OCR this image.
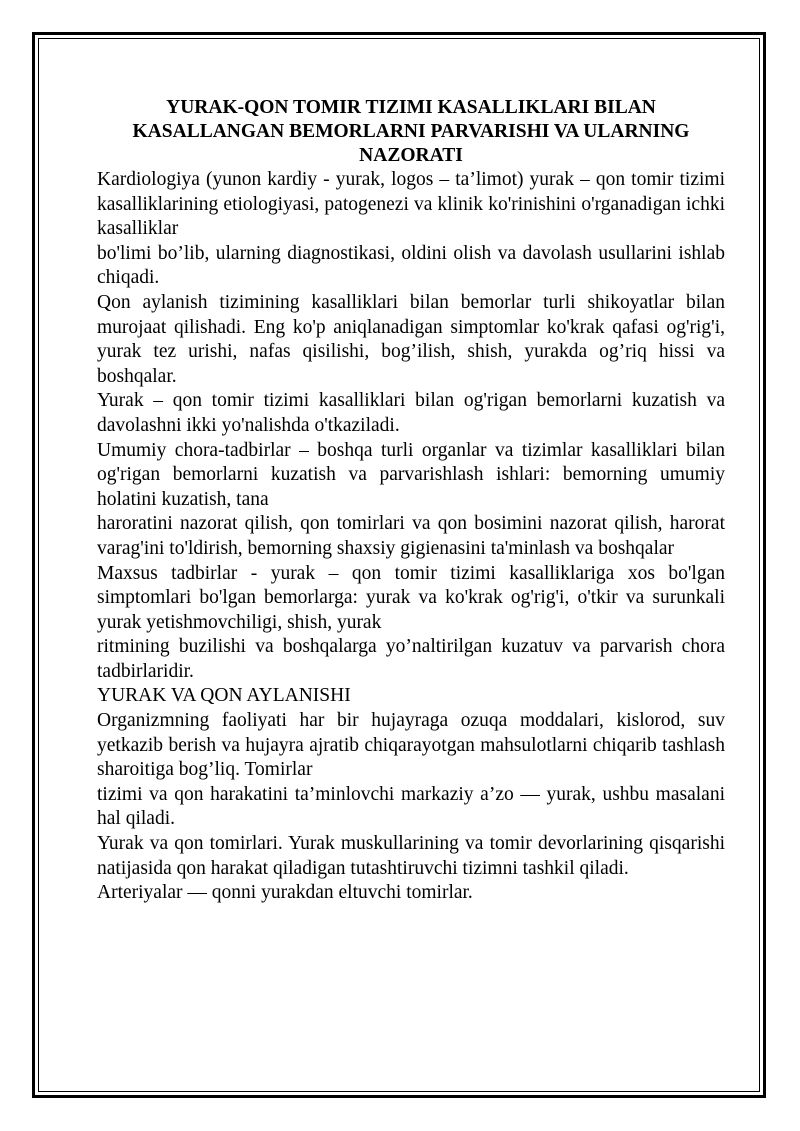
YURAK-QON TOMIR TIZIMI KASALLIKLARI BILAN
KASALLANGAN BEMORLARNI PARVARISHI VA ULARNING
NAZORATI

Kardiologiya (yunon kardiy - yurak, logos – ta’limot) yurak – qon tomir tizimi kasalliklarining etiologiyasi, patogenezi va klinik ko'rinishini o'rganadigan ichki kasalliklar

bo'limi bo’lib, ularning diagnostikasi, oldini olish va davolash usullarini ishlab chiqadi.

Qon aylanish tizimining kasalliklari bilan bemorlar turli shikoyatlar bilan murojaat qilishadi. Eng ko'p aniqlanadigan simptomlar ko'krak qafasi og'rig'i, yurak tez urishi, nafas qisilishi, bog’ilish, shish, yurakda og’riq hissi va boshqalar.

Yurak – qon tomir tizimi kasalliklari bilan og'rigan bemorlarni kuzatish va davolashni ikki yo'nalishda o'tkaziladi.

Umumiy chora-tadbirlar – boshqa turli organlar va tizimlar kasalliklari bilan og'rigan bemorlarni kuzatish va parvarishlash ishlari: bemorning umumiy holatini kuzatish, tana

haroratini nazorat qilish, qon tomirlari va qon bosimini nazorat qilish, harorat varag'ini to'ldirish, bemorning shaxsiy gigienasini ta'minlash va boshqalar

Maxsus tadbirlar - yurak – qon tomir tizimi kasalliklariga xos bo'lgan simptomlari bo'lgan bemorlarga: yurak va ko'krak og'rig'i, o'tkir va surunkali yurak yetishmovchiligi, shish, yurak

ritmining buzilishi va boshqalarga yo’naltirilgan kuzatuv va parvarish chora tadbirlaridir.

YURAK VA QON AYLANISHI

Organizmning faoliyati har bir hujayraga ozuqa moddalari, kislorod, suv yetkazib berish va hujayra ajratib chiqarayotgan mahsulotlarni chiqarib tashlash sharoitiga bog’liq. Tomirlar

tizimi va qon harakatini ta’minlovchi markaziy a’zo — yurak, ushbu masalani hal qiladi.

Yurak va qon tomirlari. Yurak muskullarining va tomir devorlarining qisqarishi natijasida qon harakat qiladigan tutashtiruvchi tizimni tashkil qiladi.

Arteriyalar — qonni yurakdan eltuvchi tomirlar.
